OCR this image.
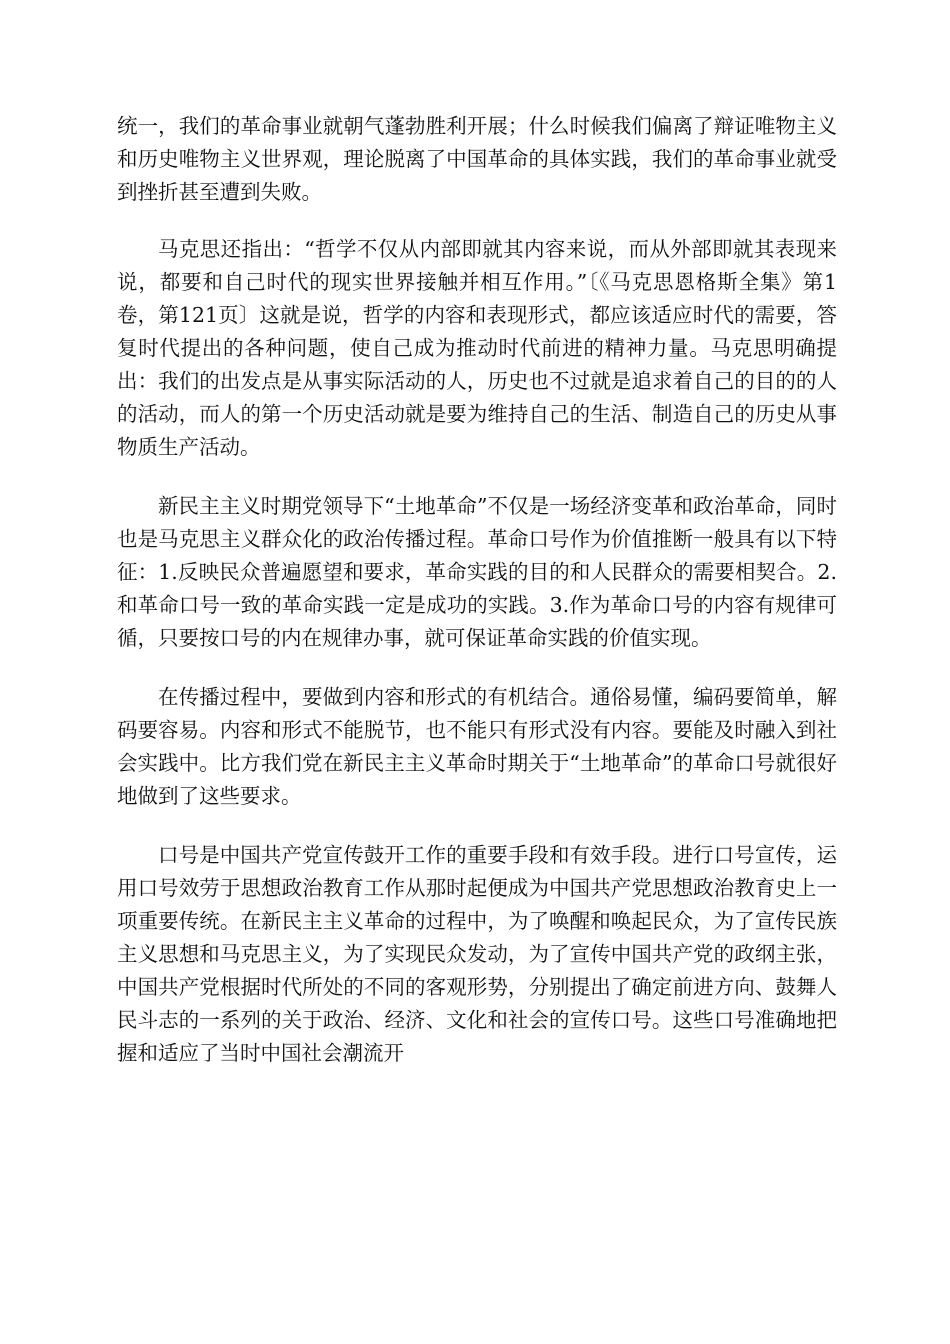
统一，我们的革命事业就朝气蓬勃胜利开展；什么时候我们偏离了辩证唯物主义和历史唯物主义世界观，理论脱离了中国革命的具体实践，我们的革命事业就受到挫折甚至遭到失败。

马克思还指出：“哲学不仅从内部即就其内容来说，而从外部即就其表现来说，都要和自己时代的现实世界接触并相互作用。”〔《马克思恩格斯全集》第1卷，第121页〕这就是说，哲学的内容和表现形式，都应该适应时代的需要，答复时代提出的各种问题，使自己成为推动时代前进的精神力量。马克思明确提出：我们的出发点是从事实际活动的人，历史也不过就是追求着自己的目的的人的活动，而人的第一个历史活动就是要为维持自己的生活、制造自己的历史从事物质生产活动。

新民主主义时期党领导下“土地革命”不仅是一场经济变革和政治革命，同时也是马克思主义群众化的政治传播过程。革命口号作为价值推断一般具有以下特征：1.反映民众普遍愿望和要求，革命实践的目的和人民群众的需要相契合。2.和革命口号一致的革命实践一定是成功的实践。3.作为革命口号的内容有规律可循，只要按口号的内在规律办事，就可保证革命实践的价值实现。

在传播过程中，要做到内容和形式的有机结合。通俗易懂，编码要简单，解码要容易。内容和形式不能脱节，也不能只有形式没有内容。要能及时融入到社会实践中。比方我们党在新民主主义革命时期关于“土地革命”的革命口号就很好地做到了这些要求。

口号是中国共产党宣传鼓开工作的重要手段和有效手段。进行口号宣传，运用口号效劳于思想政治教育工作从那时起便成为中国共产党思想政治教育史上一项重要传统。在新民主主义革命的过程中，为了唤醒和唤起民众，为了宣传民族主义思想和马克思主义，为了实现民众发动，为了宣传中国共产党的政纲主张，中国共产党根据时代所处的不同的客观形势，分别提出了确定前进方向、鼓舞人民斗志的一系列的关于政治、经济、文化和社会的宣传口号。这些口号准确地把握和适应了当时中国社会潮流开
